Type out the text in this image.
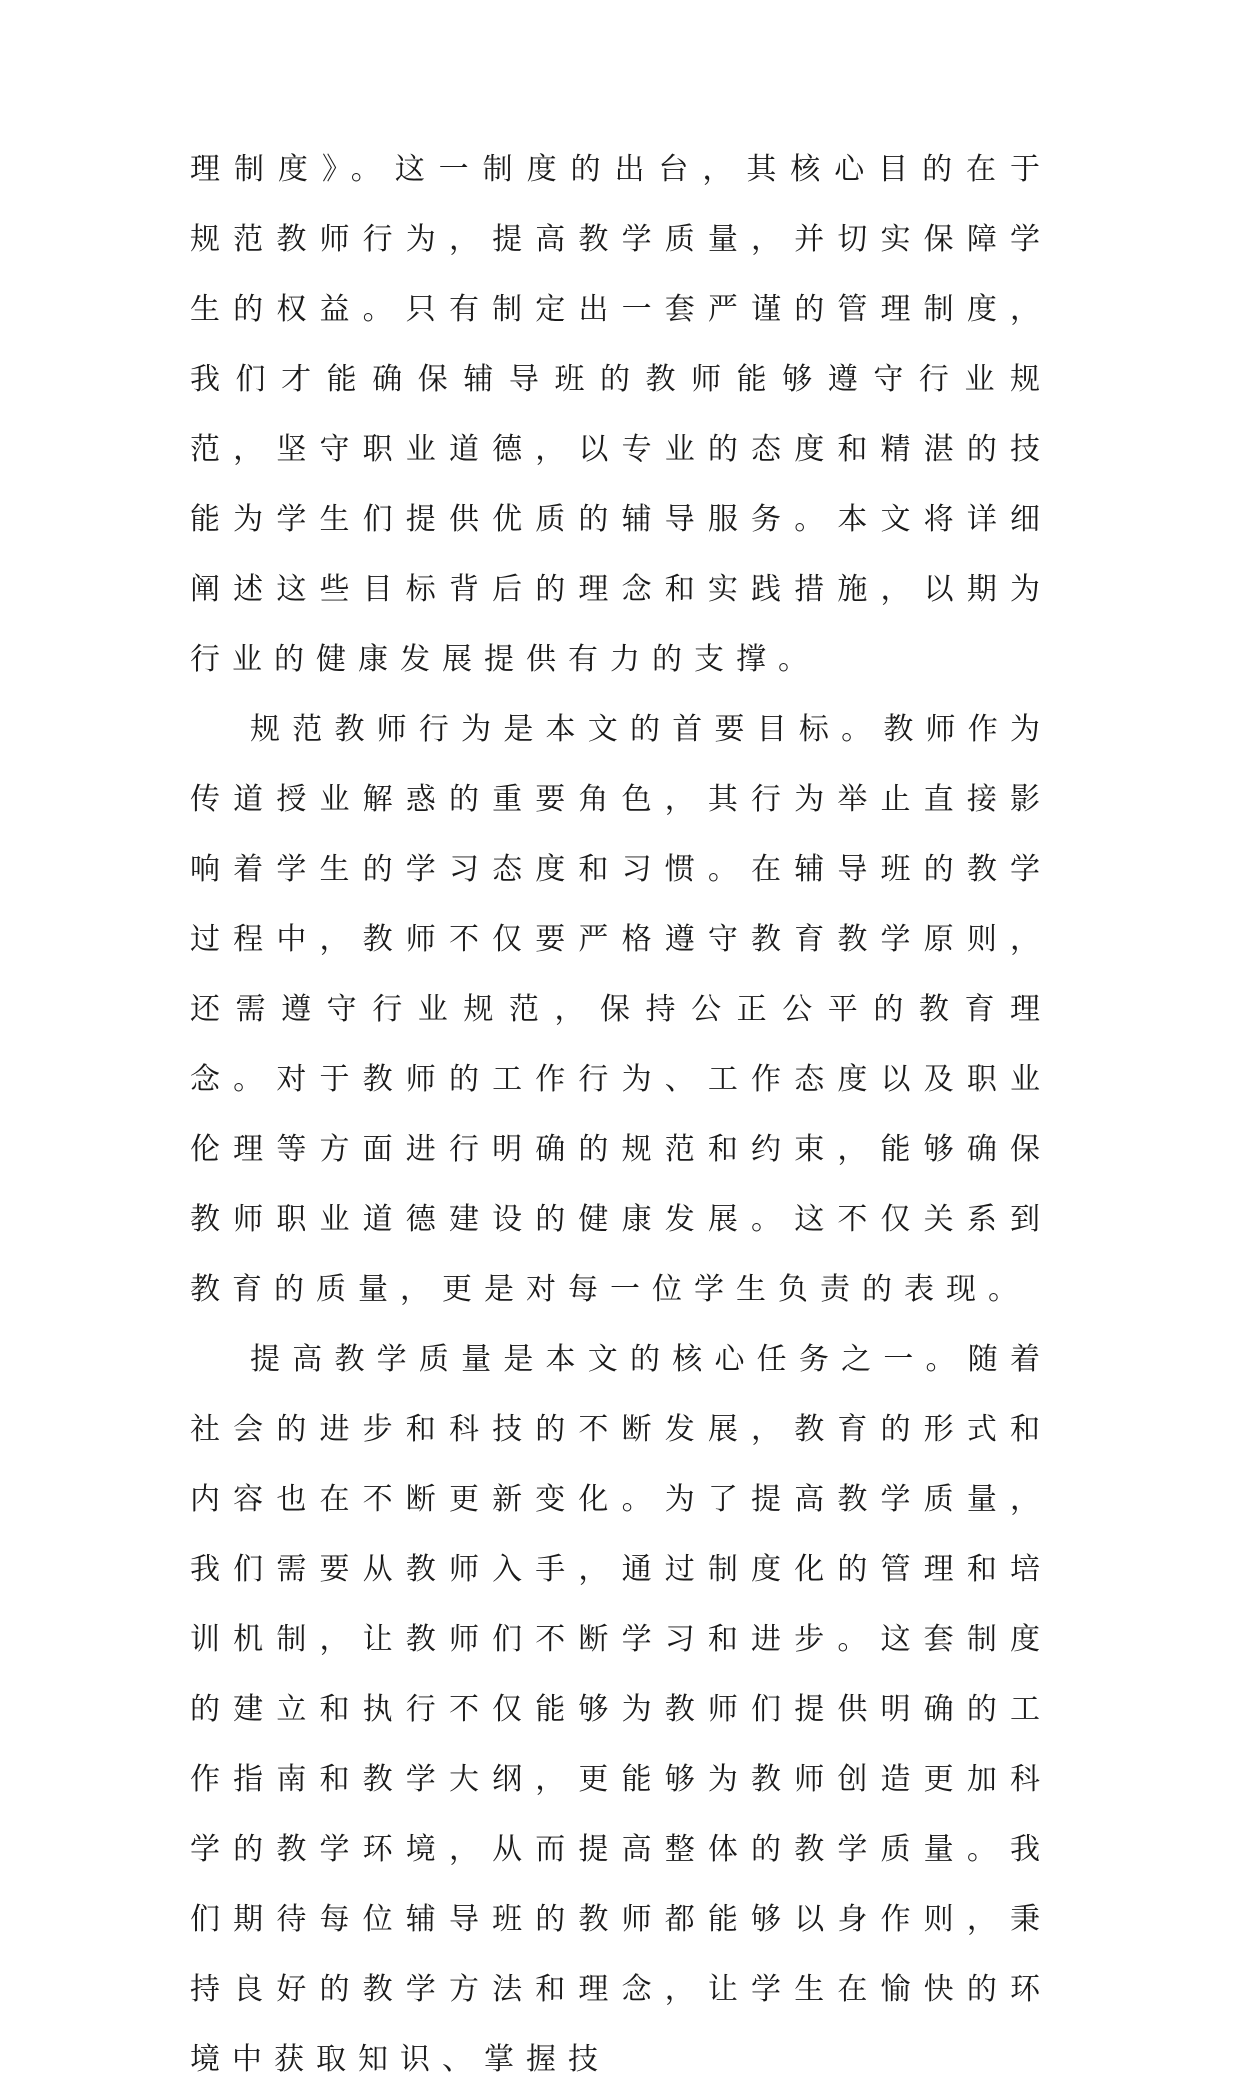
理制度》。这一制度的出台，其核心目的在于规范教师行为，提高教学质量，并切实保障学生的权益。只有制定出一套严谨的管理制度，我们才能确保辅导班的教师能够遵守行业规范，坚守职业道德，以专业的态度和精湛的技能为学生们提供优质的辅导服务。本文将详细阐述这些目标背后的理念和实践措施，以期为行业的健康发展提供有力的支撑。

规范教师行为是本文的首要目标。教师作为传道授业解惑的重要角色，其行为举止直接影响着学生的学习态度和习惯。在辅导班的教学过程中，教师不仅要严格遵守教育教学原则，还需遵守行业规范，保持公正公平的教育理念。对于教师的工作行为、工作态度以及职业伦理等方面进行明确的规范和约束，能够确保教师职业道德建设的健康发展。这不仅关系到教育的质量，更是对每一位学生负责的表现。

提高教学质量是本文的核心任务之一。随着社会的进步和科技的不断发展，教育的形式和内容也在不断更新变化。为了提高教学质量，我们需要从教师入手，通过制度化的管理和培训机制，让教师们不断学习和进步。这套制度的建立和执行不仅能够为教师们提供明确的工作指南和教学大纲，更能够为教师创造更加科学的教学环境，从而提高整体的教学质量。我们期待每位辅导班的教师都能够以身作则，秉持良好的教学方法和理念，让学生在愉快的环境中获取知识、掌握技
